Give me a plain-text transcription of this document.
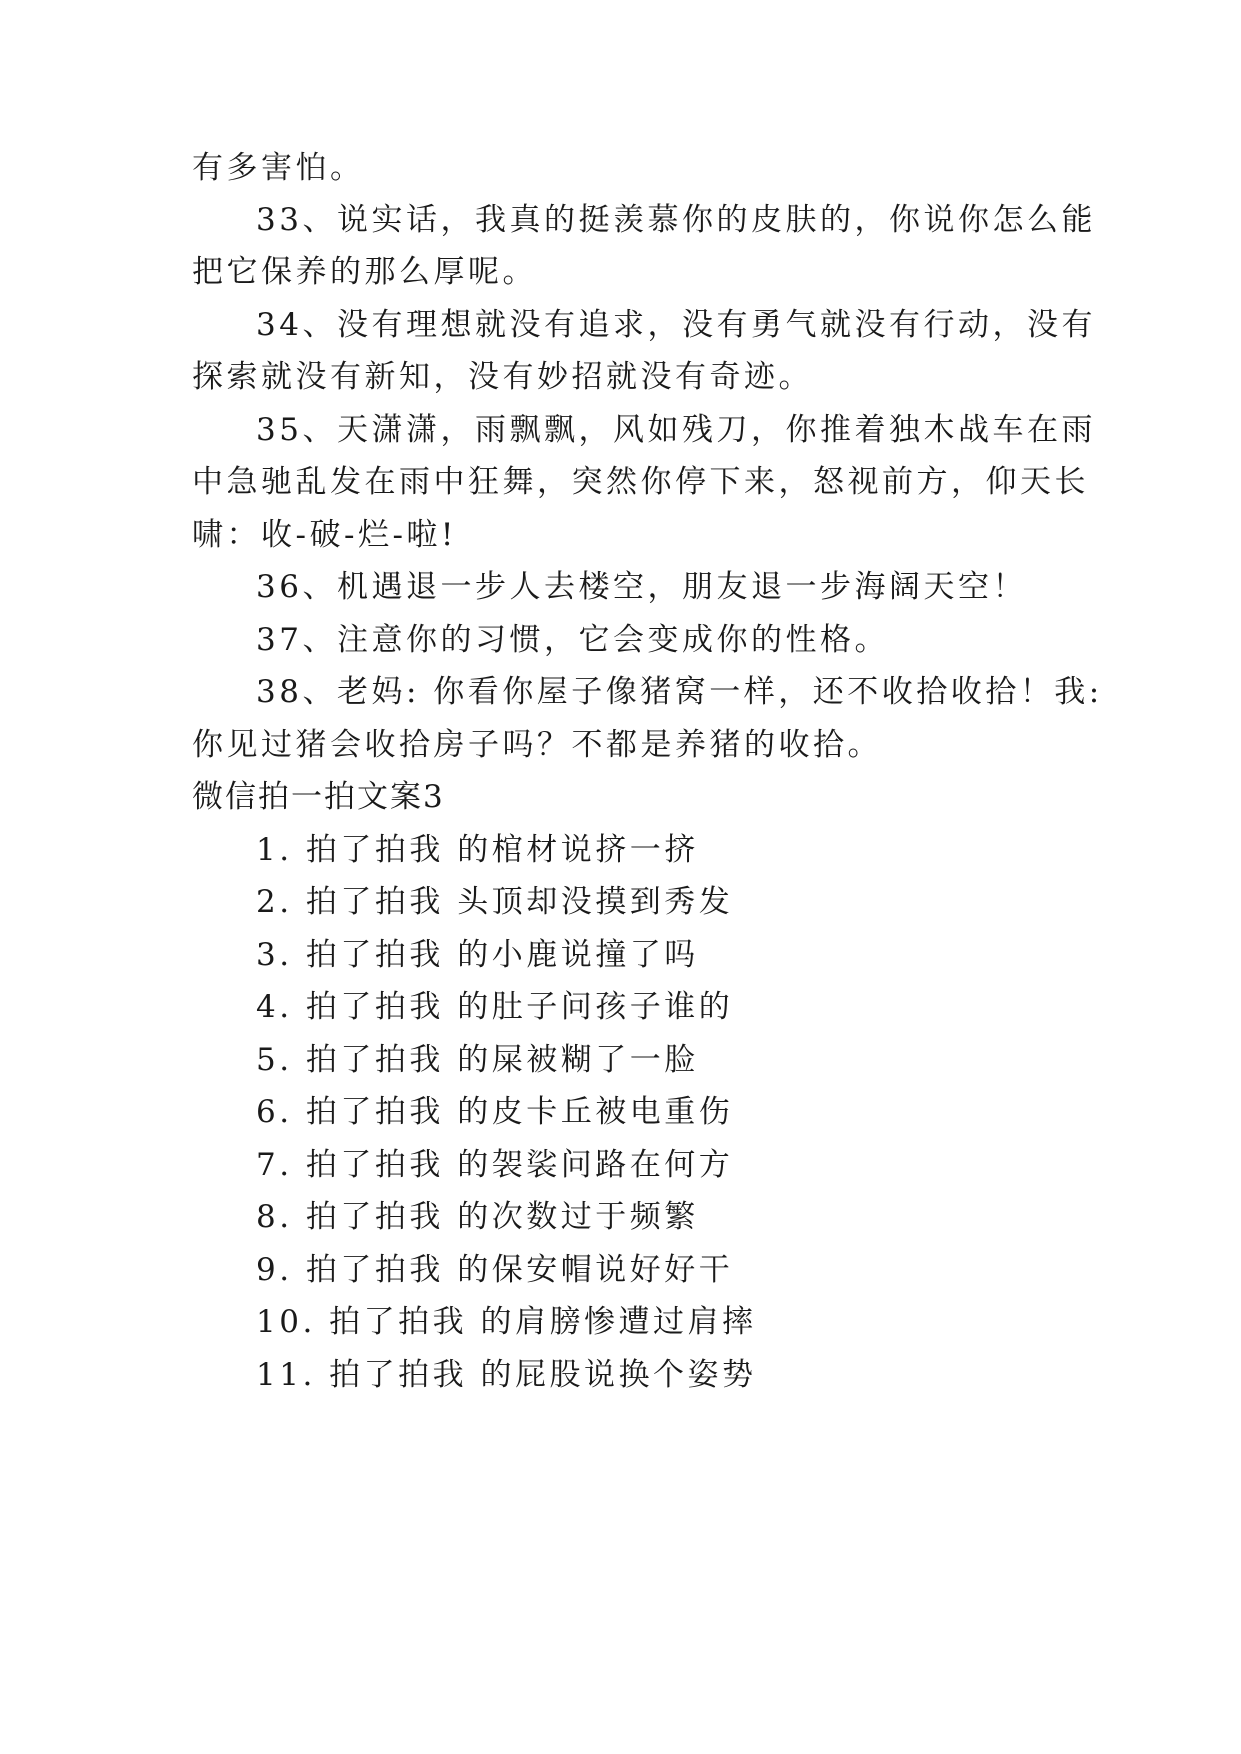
有多害怕。
33、说实话，我真的挺羡慕你的皮肤的，你说你怎么能
把它保养的那么厚呢。
34、没有理想就没有追求，没有勇气就没有行动，没有
探索就没有新知，没有妙招就没有奇迹。
35、天潇潇，雨飘飘，风如残刀，你推着独木战车在雨
中急驰乱发在雨中狂舞，突然你停下来，怒视前方，仰天长
啸：收-破-烂-啦!
36、机遇退一步人去楼空，朋友退一步海阔天空！
37、注意你的习惯，它会变成你的性格。
38、老妈: 你看你屋子像猪窝一样，还不收拾收拾！我:
你见过猪会收拾房子吗？不都是养猪的收拾。
微信拍一拍文案3
1. 拍了拍我 的棺材说挤一挤
2. 拍了拍我 头顶却没摸到秀发
3. 拍了拍我 的小鹿说撞了吗
4. 拍了拍我 的肚子问孩子谁的
5. 拍了拍我 的屎被糊了一脸
6. 拍了拍我 的皮卡丘被电重伤
7. 拍了拍我 的袈裟问路在何方
8. 拍了拍我 的次数过于频繁
9. 拍了拍我 的保安帽说好好干
10. 拍了拍我 的肩膀惨遭过肩摔
11. 拍了拍我 的屁股说换个姿势
